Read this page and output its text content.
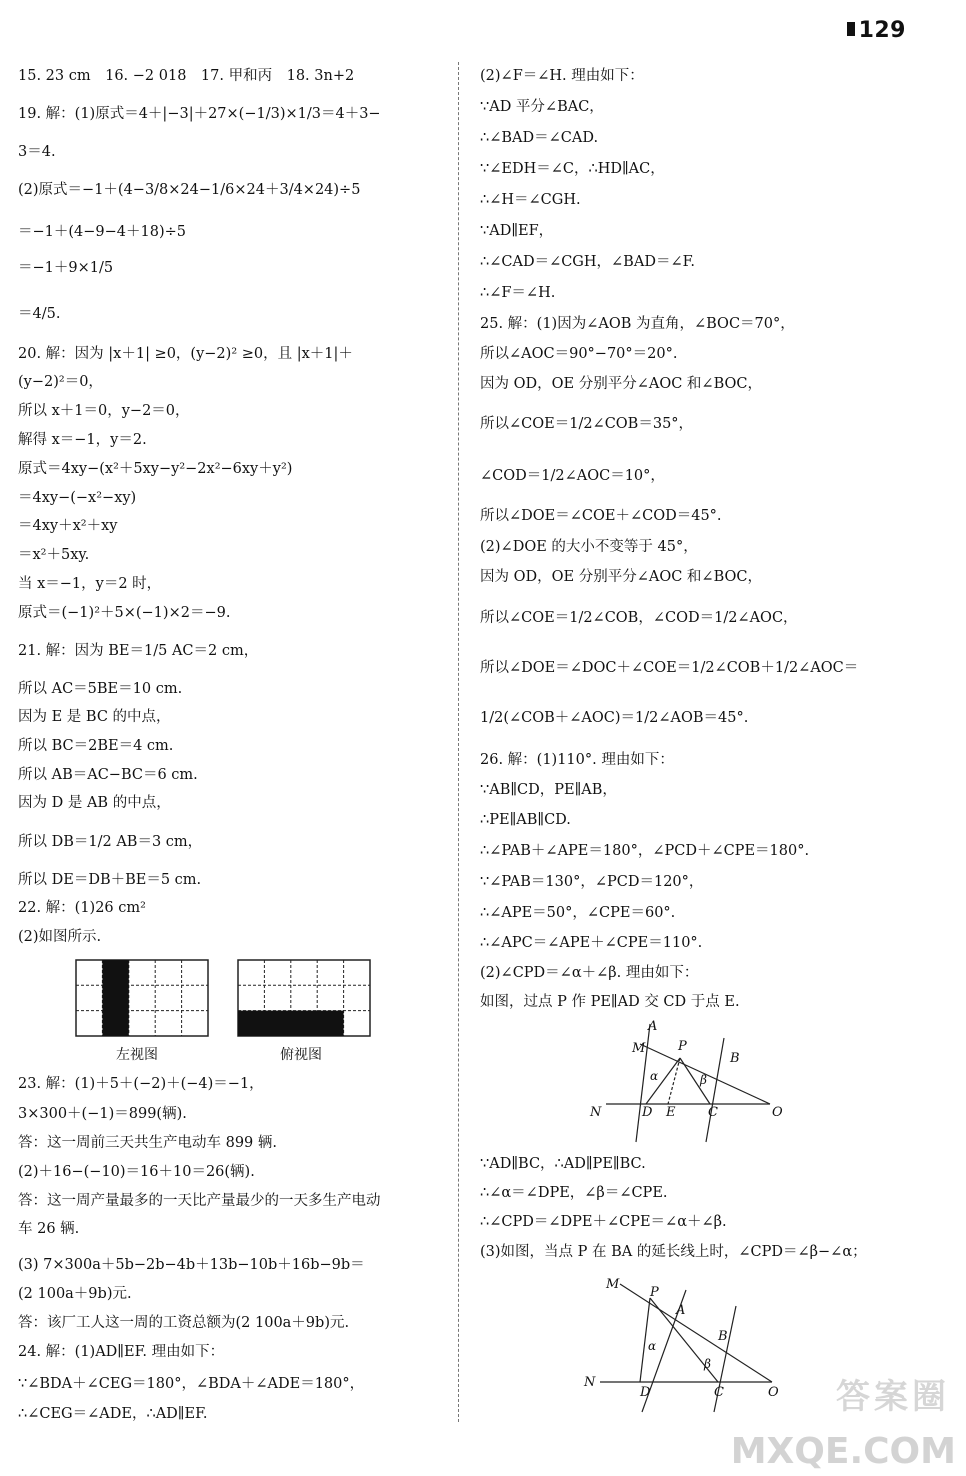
129
15. 23 cm　16. −2 018　17. 甲和丙　18. 3n+2
19. 解：(1)原式＝4＋|−3|＋27×(−1/3)×1/3＝4＋3−
3＝4.
(2)原式＝−1＋(4−3/8×24−1/6×24＋3/4×24)÷5
＝−1＋(4−9−4＋18)÷5
＝−1＋9×1/5
＝4/5.
20. 解：因为 |x＋1| ≥0，(y−2)² ≥0，且 |x＋1|＋
(y−2)²＝0，
所以 x＋1＝0，y−2＝0，
解得 x＝−1，y＝2.
原式＝4xy−(x²＋5xy−y²−2x²−6xy＋y²)
＝4xy−(−x²−xy)
＝4xy＋x²＋xy
＝x²＋5xy.
当 x＝−1，y＝2 时，
原式＝(−1)²＋5×(−1)×2＝−9.
21. 解：因为 BE＝1/5 AC＝2 cm，
所以 AC＝5BE＝10 cm.
因为 E 是 BC 的中点，
所以 BC＝2BE＝4 cm.
所以 AB＝AC−BC＝6 cm.
因为 D 是 AB 的中点，
所以 DB＝1/2 AB＝3 cm，
所以 DE＝DB＋BE＝5 cm.
22. 解：(1)26 cm²
(2)如图所示.
左视图	俯视图
23. 解：(1)＋5＋(−2)＋(−4)＝−1，
3×300＋(−1)＝899(辆).
答：这一周前三天共生产电动车 899 辆.
(2)＋16−(−10)＝16＋10＝26(辆).
答：这一周产量最多的一天比产量最少的一天多生产电动
车 26 辆.
(3) 7×300a＋5b−2b−4b＋13b−10b＋16b−9b＝
(2 100a＋9b)元.
答：该厂工人这一周的工资总额为(2 100a＋9b)元.
24. 解：(1)AD∥EF. 理由如下：
∵∠BDA＋∠CEG＝180°，∠BDA＋∠ADE＝180°，
∴∠CEG＝∠ADE，∴AD∥EF.
(2)∠F＝∠H. 理由如下：
∵AD 平分∠BAC，
∴∠BAD＝∠CAD.
∵∠EDH＝∠C，∴HD∥AC，
∴∠H＝∠CGH.
∵AD∥EF，
∴∠CAD＝∠CGH，∠BAD＝∠F.
∴∠F＝∠H.
25. 解：(1)因为∠AOB 为直角，∠BOC＝70°，
所以∠AOC＝90°−70°＝20°.
因为 OD，OE 分别平分∠AOC 和∠BOC，
所以∠COE＝1/2∠COB＝35°，
∠COD＝1/2∠AOC＝10°，
所以∠DOE＝∠COE＋∠COD＝45°.
(2)∠DOE 的大小不变等于 45°，
因为 OD，OE 分别平分∠AOC 和∠BOC，
所以∠COE＝1/2∠COB，∠COD＝1/2∠AOC，
所以∠DOE＝∠DOC＋∠COE＝1/2∠COB＋1/2∠AOC＝
1/2(∠COB＋∠AOC)＝1/2∠AOB＝45°.
26. 解：(1)110°. 理由如下：
∵AB∥CD，PE∥AB，
∴PE∥AB∥CD.
∴∠PAB＋∠APE＝180°，∠PCD＋∠CPE＝180°.
∵∠PAB＝130°，∠PCD＝120°，
∴∠APE＝50°，∠CPE＝60°.
∴∠APC＝∠APE＋∠CPE＝110°.
(2)∠CPD＝∠α＋∠β. 理由如下：
如图，过点 P 作 PE∥AD 交 CD 于点 E.
A
M	P
B
α	β
N	D E	C	O
∵AD∥BC，∴AD∥PE∥BC.
∴∠α＝∠DPE，∠β＝∠CPE.
∴∠CPD＝∠DPE＋∠CPE＝∠α＋∠β.
(3)如图，当点 P 在 BA 的延长线上时，∠CPD＝∠β−∠α；
M
P
A
B
α
β
N
D	C	O 答案圈
MXQE.COM
